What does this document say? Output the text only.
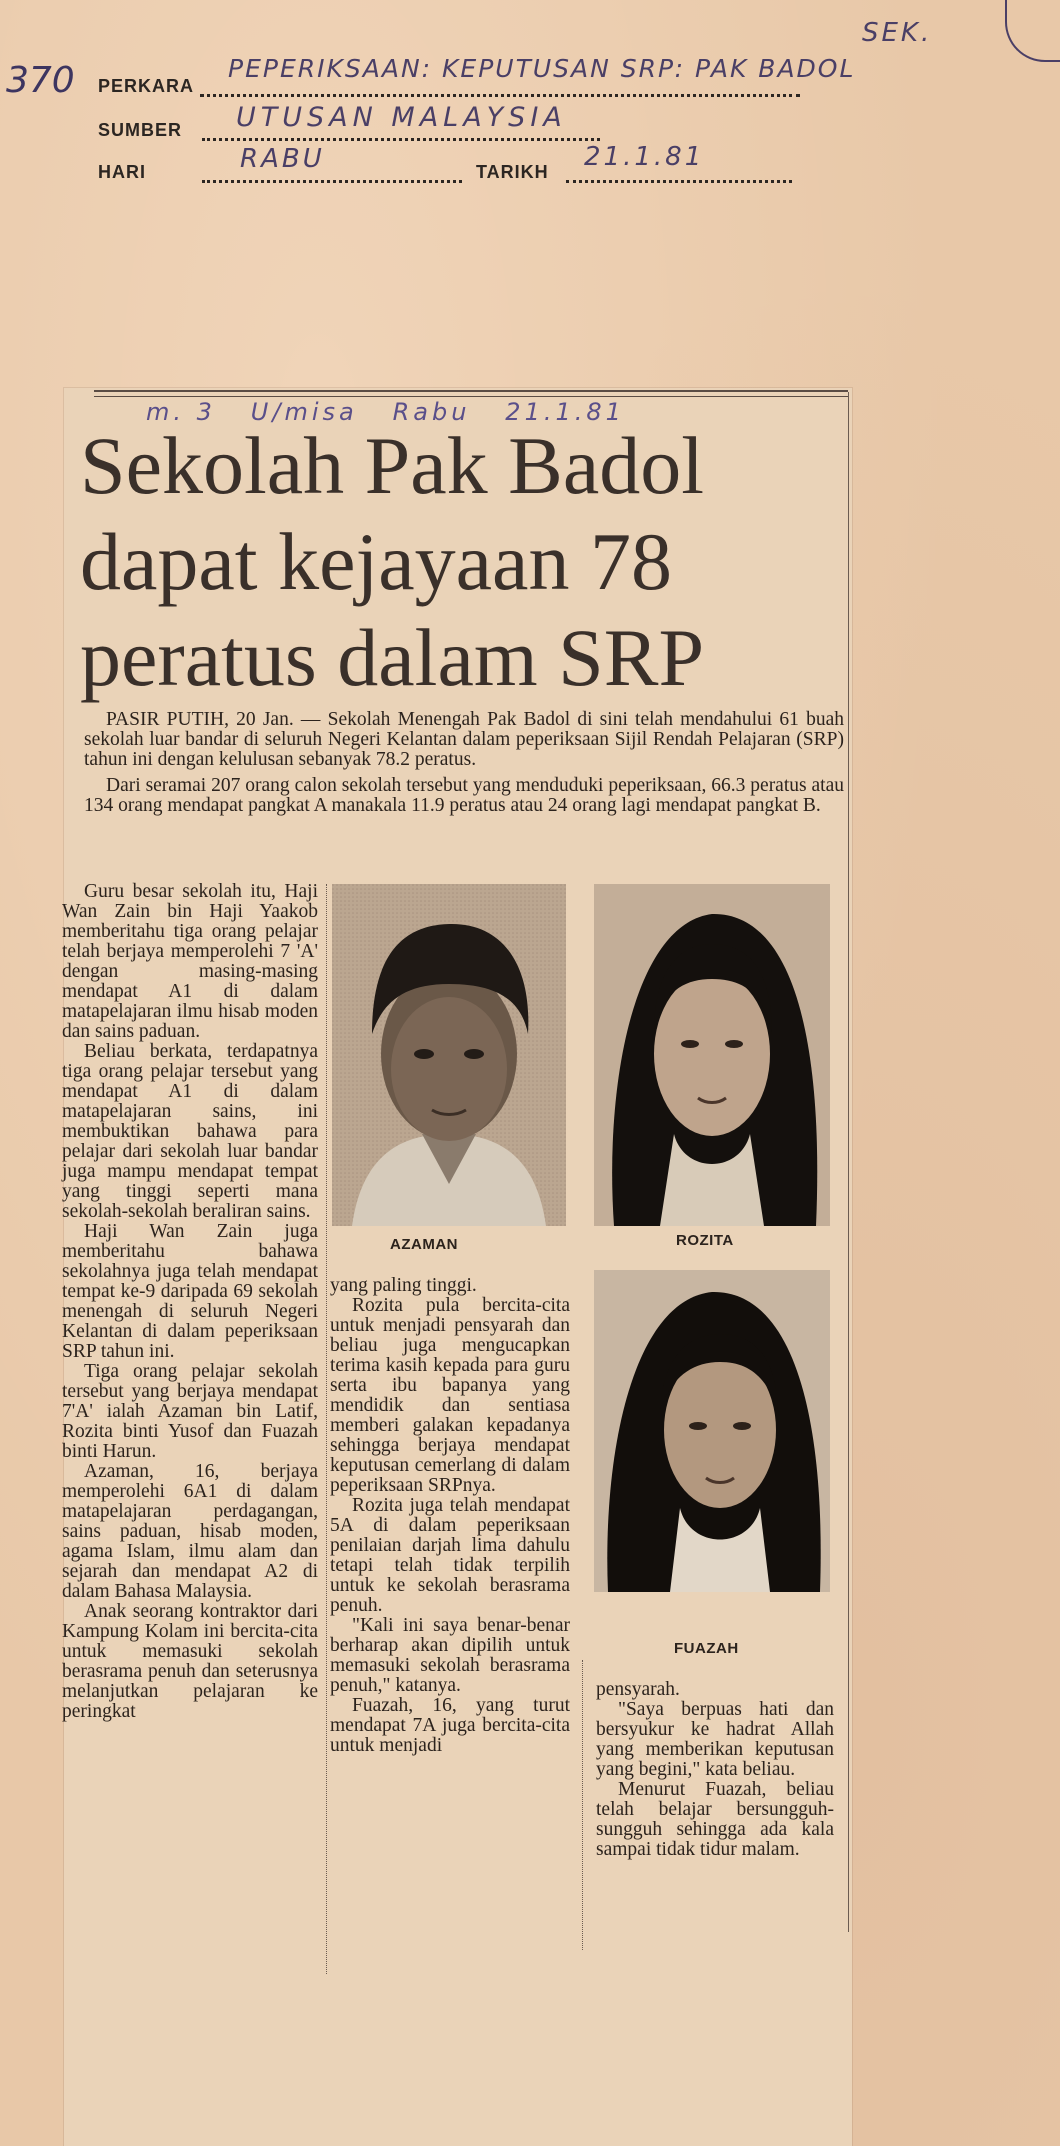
370
SEK.
PERKARA
PEPERIKSAAN: KEPUTUSAN SRP: PAK BADOL
SUMBER UTUSAN MALAYSIA
HARI	RABU	TARIKH 21.1.81
m. 3   U/misa   Rabu   21.1.81
Sekolah Pak Badol
dapat kejayaan 78
peratus dalam SRP

PASIR PUTIH, 20 Jan. — Sekolah Menengah Pak Badol di sini telah mendahului 61 buah sekolah luar bandar di seluruh Negeri Kelantan dalam peperiksaan Sijil Rendah Pelajaran (SRP) tahun ini dengan kelulusan sebanyak 78.2 peratus.

Dari seramai 207 orang calon sekolah tersebut yang menduduki peperiksaan, 66.3 peratus atau 134 orang mendapat pangkat A manakala 11.9 peratus atau 24 orang lagi mendapat pangkat B.

Guru besar sekolah itu, Haji Wan Zain bin Haji Yaakob memberitahu tiga orang pelajar telah berjaya memperolehi 7 'A' dengan masing-masing mendapat A1 di dalam matapelajaran ilmu hisab moden dan sains paduan.

Beliau berkata, terdapatnya tiga orang pelajar tersebut yang mendapat A1 di dalam matapelajaran sains, ini membuktikan bahawa para pelajar dari sekolah luar bandar juga mampu mendapat tempat yang tinggi seperti mana sekolah-sekolah beraliran sains.

Haji Wan Zain juga memberitahu bahawa sekolahnya juga telah mendapat tempat ke-9 daripada 69 sekolah menengah di seluruh Negeri Kelantan di dalam peperiksaan SRP tahun ini.

Tiga orang pelajar sekolah tersebut yang berjaya mendapat 7'A' ialah Azaman bin Latif, Rozita binti Yusof dan Fuazah binti Harun.

Azaman, 16, berjaya memperolehi 6A1 di dalam matapelajaran perdagangan, sains paduan, hisab moden, agama Islam, ilmu alam dan sejarah dan mendapat A2 di dalam Bahasa Malaysia.

Anak seorang kontraktor dari Kampung Kolam ini bercita-cita untuk memasuki sekolah berasrama penuh dan seterusnya melanjutkan pelajaran ke peringkat

AZAMAN	ROZITA
FUAZAH

yang paling tinggi.

Rozita pula bercita-cita untuk menjadi pensyarah dan beliau juga mengucapkan terima kasih kepada para guru serta ibu bapanya yang mendidik dan sentiasa memberi galakan kepadanya sehingga berjaya mendapat keputusan cemerlang di dalam peperiksaan SRPnya.

Rozita juga telah mendapat 5A di dalam peperiksaan penilaian darjah lima dahulu tetapi telah tidak terpilih untuk ke sekolah berasrama penuh.

"Kali ini saya benar-benar berharap akan dipilih untuk memasuki sekolah berasrama penuh," katanya.

Fuazah, 16, yang turut mendapat 7A juga bercita-cita untuk menjadi

pensyarah.

"Saya berpuas hati dan bersyukur ke hadrat Allah yang memberikan keputusan yang begini," kata beliau.

Menurut Fuazah, beliau telah belajar bersungguh-sungguh sehingga ada kala sampai tidak tidur malam.
